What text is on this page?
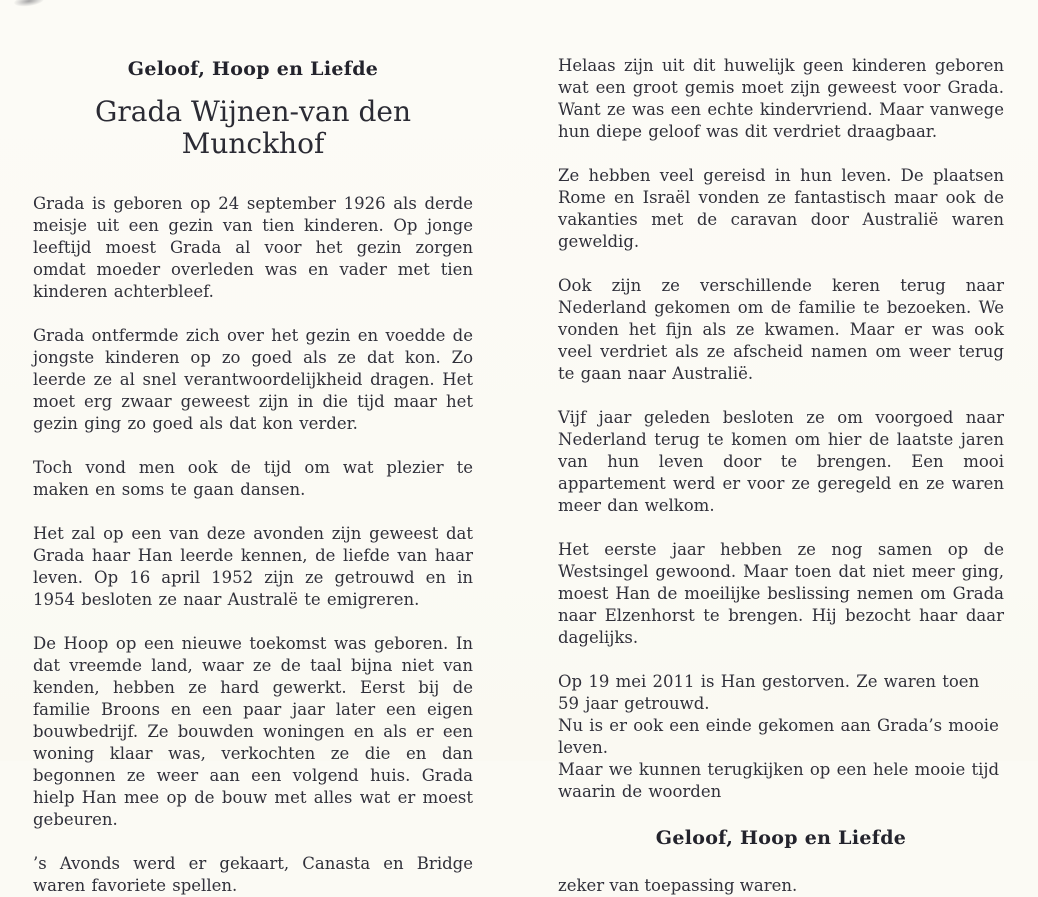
Geloof, Hoop en Liefde
Grada Wijnen-van den Munckhof
Grada is geboren op 24 september 1926 als derde meisje uit een gezin van tien kinderen. Op jonge leeftijd moest Grada al voor het gezin zorgen omdat moeder overleden was en vader met tien kinderen achterbleef.
Grada ontfermde zich over het gezin en voedde de jongste kinderen op zo goed als ze dat kon. Zo leerde ze al snel verantwoordelijkheid dragen. Het moet erg zwaar geweest zijn in die tijd maar het gezin ging zo goed als dat kon verder.
Toch vond men ook de tijd om wat plezier te maken en soms te gaan dansen.
Het zal op een van deze avonden zijn geweest dat Grada haar Han leerde kennen, de liefde van haar leven. Op 16 april 1952 zijn ze getrouwd en in 1954 besloten ze naar Australë te emigreren.
De Hoop op een nieuwe toekomst was geboren. In dat vreemde land, waar ze de taal bijna niet van kenden, hebben ze hard gewerkt. Eerst bij de familie Broons en een paar jaar later een eigen bouwbedrijf. Ze bouwden woningen en als er een woning klaar was, verkochten ze die en dan begonnen ze weer aan een volgend huis. Grada hielp Han mee op de bouw met alles wat er moest gebeuren.
’s Avonds werd er gekaart, Canasta en Bridge waren favoriete spellen.
Helaas zijn uit dit huwelijk geen kinderen geboren wat een groot gemis moet zijn geweest voor Grada. Want ze was een echte kindervriend. Maar vanwege hun diepe geloof was dit verdriet draagbaar.
Ze hebben veel gereisd in hun leven. De plaatsen Rome en Israël vonden ze fantastisch maar ook de vakanties met de caravan door Australië waren geweldig.
Ook zijn ze verschillende keren terug naar Nederland gekomen om de familie te bezoeken. We vonden het fijn als ze kwamen. Maar er was ook veel verdriet als ze afscheid namen om weer terug te gaan naar Australië.
Vijf jaar geleden besloten ze om voorgoed naar Nederland terug te komen om hier de laatste jaren van hun leven door te brengen. Een mooi appartement werd er voor ze geregeld en ze waren meer dan welkom.
Het eerste jaar hebben ze nog samen op de Westsingel gewoond. Maar toen dat niet meer ging, moest Han de moeilijke beslissing nemen om Grada naar Elzenhorst te brengen. Hij bezocht haar daar dagelijks.
Op 19 mei 2011 is Han gestorven. Ze waren toen 59 jaar getrouwd.
Nu is er ook een einde gekomen aan Grada’s mooie leven.
Maar we kunnen terugkijken op een hele mooie tijd waarin de woorden
Geloof, Hoop en Liefde
zeker van toepassing waren.
